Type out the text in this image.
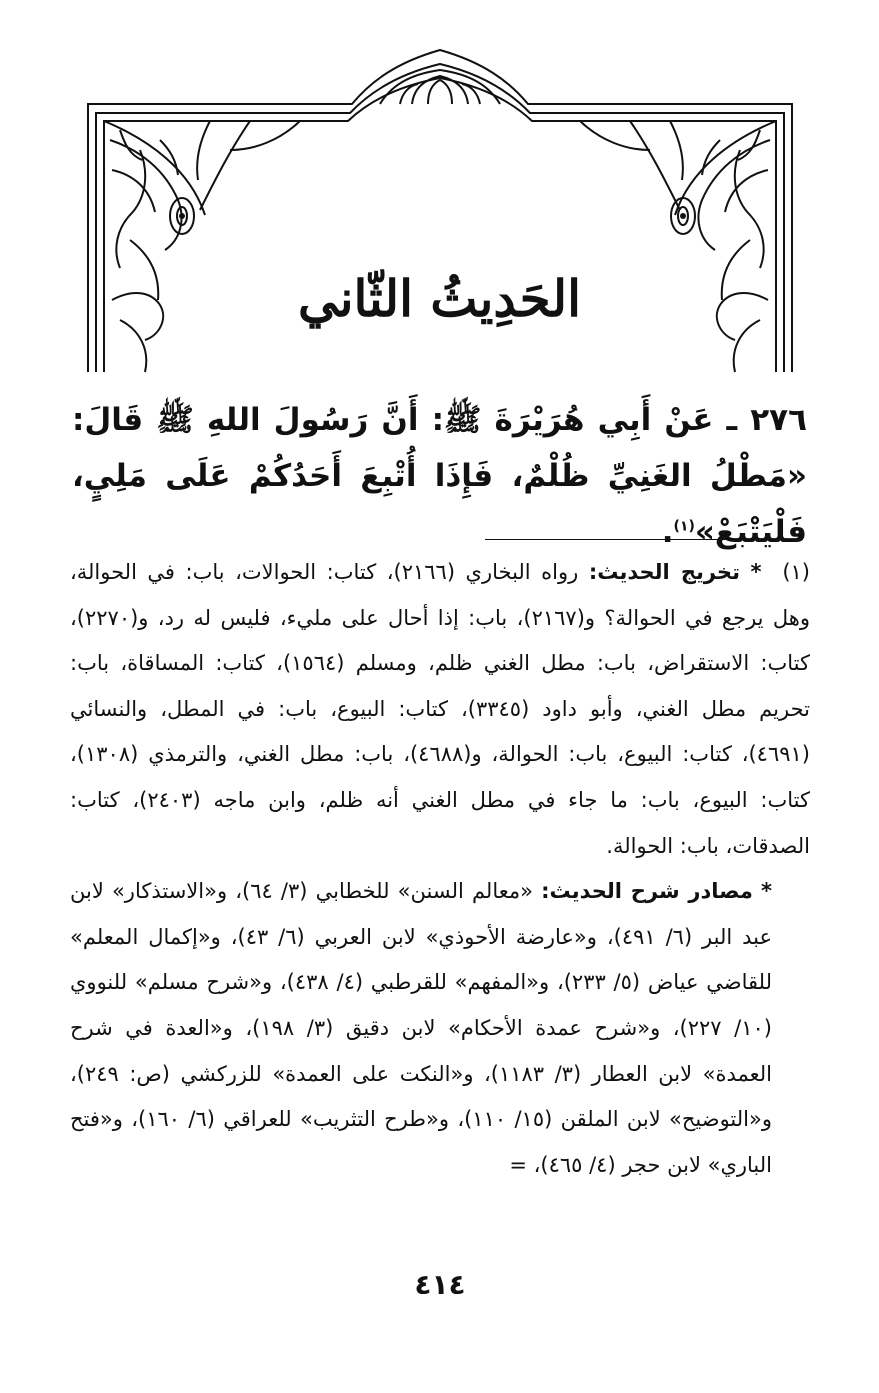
الحَدِيثُ الثّاني

٢٧٦ ـ عَنْ أَبِي هُرَيْرَةَ ﷺ: أَنَّ رَسُولَ اللهِ ﷺ قَالَ: «مَطْلُ الغَنِيِّ ظُلْمٌ، فَإِذَا أُتْبِعَ أَحَدُكُمْ عَلَى مَلِيٍ، فَلْيَتْبَعْ»$^{(١)}$.

(١) * تخريج الحديث: رواه البخاري (٢١٦٦)، كتاب: الحوالات، باب: في الحوالة، وهل يرجع في الحوالة؟ و(٢١٦٧)، باب: إذا أحال على مليء، فليس له رد، و(٢٢٧٠)، كتاب: الاستقراض، باب: مطل الغني ظلم، ومسلم (١٥٦٤)، كتاب: المساقاة، باب: تحريم مطل الغني، وأبو داود (٣٣٤٥)، كتاب: البيوع، باب: في المطل، والنسائي (٤٦٩١)، كتاب: البيوع، باب: الحوالة، و(٤٦٨٨)، باب: مطل الغني، والترمذي (١٣٠٨)، كتاب: البيوع، باب: ما جاء في مطل الغني أنه ظلم، وابن ماجه (٢٤٠٣)، كتاب: الصدقات، باب: الحوالة.

* مصادر شرح الحديث: «معالم السنن» للخطابي (٣/ ٦٤)، و«الاستذكار» لابن عبد البر (٦/ ٤٩١)، و«عارضة الأحوذي» لابن العربي (٦/ ٤٣)، و«إكمال المعلم» للقاضي عياض (٥/ ٢٣٣)، و«المفهم» للقرطبي (٤/ ٤٣٨)، و«شرح مسلم» للنووي (١٠/ ٢٢٧)، و«شرح عمدة الأحكام» لابن دقيق (٣/ ١٩٨)، و«العدة في شرح العمدة» لابن العطار (٣/ ١١٨٣)، و«النكت على العمدة» للزركشي (ص: ٢٤٩)، و«التوضيح» لابن الملقن (١٥/ ١١٠)، و«طرح التثريب» للعراقي (٦/ ١٦٠)، و«فتح الباري» لابن حجر (٤/ ٤٦٥)، =

٤١٤
